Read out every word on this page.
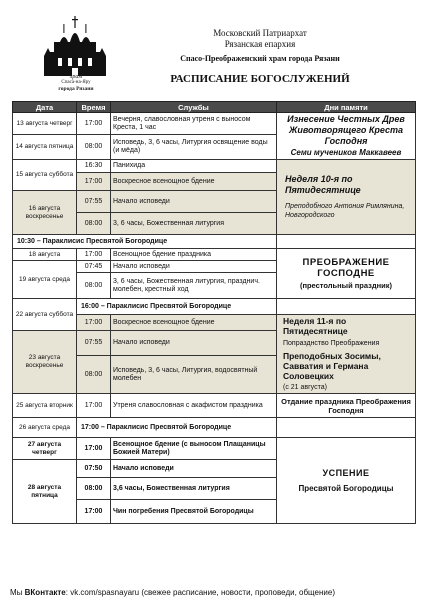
храм
Спаса-на-Яру
города Рязани
Московский Патриархат
Рязанская епархия
Спасо-Преображенский храм города Рязани
РАСПИСАНИЕ БОГОСЛУЖЕНИЙ
Дата	Время	Службы	Дни памяти
13 августа четверг	17:00	Вечерня, славословная утреня с выносом Креста, 1 час	Изнесение Честных Древ Животворящего Креста Господня
Семи мучеников Маккавеев

14 августа пятница	08:00	Исповедь, 3, 6 часы, Литургия освящение воды (и мёда)	
15 августа суббота	16:30	Панихида	Неделя 10-я по Пятидесятнице
Преподобного Антония Римлянина, Новгородского

	17:00	Воскресное всенощное бдение	
16 августа воскресенье	07:55	Начало исповеди	
	08:00	3, 6 часы, Божественная литургия	
10:30 – Параклисис Пресвятой Богородице			
18 августа	17:00	Всенощное бдение праздника	ПРЕОБРАЖЕНИЕ ГОСПОДНЕ
(престольный праздник)

19 августа среда	07:45	Начало исповеди	
	08:00	3, 6 часы, Божественная литургия, празднич. молебен, крестный ход	
22 августа суббота	16:00 – Параклисис Пресвятой Богородице		
	17:00	Воскресное всенощное бдение	Неделя 11-я по Пятидесятнице
Попразднство Преображения
Преподобных Зосимы, Савватия и Германа Соловецких
(с 21 августа)

23 августа воскресенье	07:55	Начало исповеди	
	08:00	Исповедь, 3, 6 часы, Литургия, водосвятный молебен	
25 августа вторник	17:00	Утреня славословная с акафистом праздника	Отдание праздника Преображения Господня
26 августа среда	17:00 – Параклисис Пресвятой Богородице		
27 августа четверг	17:00	Всенощное бдение (с выносом Плащаницы Божией Матери)	УСПЕНИЕ
Пресвятой Богородицы

28 августа пятница	07:50	Начало исповеди	
	08:00	3,6 часы, Божественная литургия	
	17:00	Чин погребения Пресвятой Богородицы	
Мы ВКонтакте: vk.com/spasnayaru (свежее расписание, новости, проповеди, общение)
